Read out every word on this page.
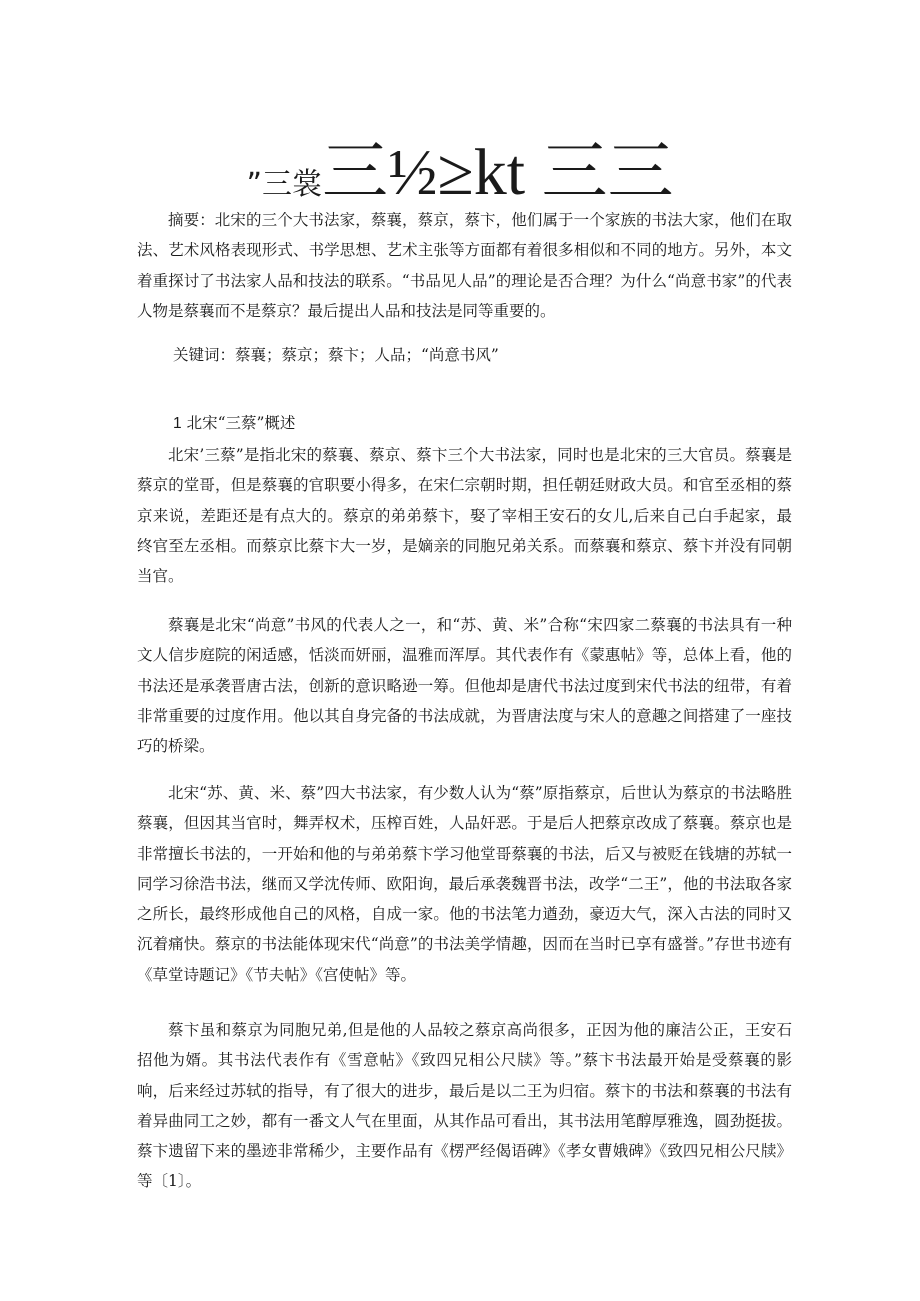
”三裳三½≥kt 三三

摘要：北宋的三个大书法家，蔡襄，蔡京，蔡卞，他们属于一个家族的书法大家，他们在取法、艺术风格表现形式、书学思想、艺术主张等方面都有着很多相似和不同的地方。另外，本文着重探讨了书法家人品和技法的联系。“书品见人品”的理论是否合理？为什么“尚意书家”的代表人物是蔡襄而不是蔡京？最后提出人品和技法是同等重要的。

关键词：蔡襄；蔡京；蔡卞；人品；“尚意书风”
1 北宋“三蔡”概述

北宋’三蔡”是指北宋的蔡襄、蔡京、蔡卞三个大书法家，同时也是北宋的三大官员。蔡襄是蔡京的堂哥，但是蔡襄的官职要小得多，在宋仁宗朝时期，担任朝廷财政大员。和官至丞相的蔡京来说，差距还是有点大的。蔡京的弟弟蔡卞，娶了宰相王安石的女儿,后来自己白手起家，最终官至左丞相。而蔡京比蔡卞大一岁，是嫡亲的同胞兄弟关系。而蔡襄和蔡京、蔡卞并没有同朝当官。

蔡襄是北宋“尚意”书风的代表人之一，和“苏、黄、米”合称“宋四家二蔡襄的书法具有一种文人信步庭院的闲适感，恬淡而妍丽，温雅而浑厚。其代表作有《蒙惠帖》等，总体上看，他的书法还是承袭晋唐古法，创新的意识略逊一筹。但他却是唐代书法过度到宋代书法的纽带，有着非常重要的过度作用。他以其自身完备的书法成就，为晋唐法度与宋人的意趣之间搭建了一座技巧的桥梁。

北宋“苏、黄、米、蔡”四大书法家，有少数人认为“蔡”原指蔡京，后世认为蔡京的书法略胜蔡襄，但因其当官时，舞弄权术，压榨百姓，人品奸恶。于是后人把蔡京改成了蔡襄。蔡京也是非常擅长书法的，一开始和他的与弟弟蔡卞学习他堂哥蔡襄的书法，后又与被贬在钱塘的苏轼一同学习徐浩书法，继而又学沈传师、欧阳询，最后承袭魏晋书法，改学“二王”，他的书法取各家之所长，最终形成他自己的风格，自成一家。他的书法笔力遒劲，豪迈大气，深入古法的同时又沉着痛快。蔡京的书法能体现宋代“尚意”的书法美学情趣，因而在当时已享有盛誉。”存世书迹有《草堂诗题记》《节夫帖》《宫使帖》等。

蔡卞虽和蔡京为同胞兄弟,但是他的人品较之蔡京高尚很多，正因为他的廉洁公正，王安石招他为婿。其书法代表作有《雪意帖》《致四兄相公尺牍》等。”蔡卞书法最开始是受蔡襄的影响，后来经过苏轼的指导，有了很大的进步，最后是以二王为归宿。蔡卞的书法和蔡襄的书法有着异曲同工之妙，都有一番文人气在里面，从其作品可看出，其书法用笔醇厚雅逸，圆劲挺拔。蔡卞遗留下来的墨迹非常稀少，主要作品有《楞严经偈语碑》《孝女曹娥碑》《致四兄相公尺牍》等〔1〕。
